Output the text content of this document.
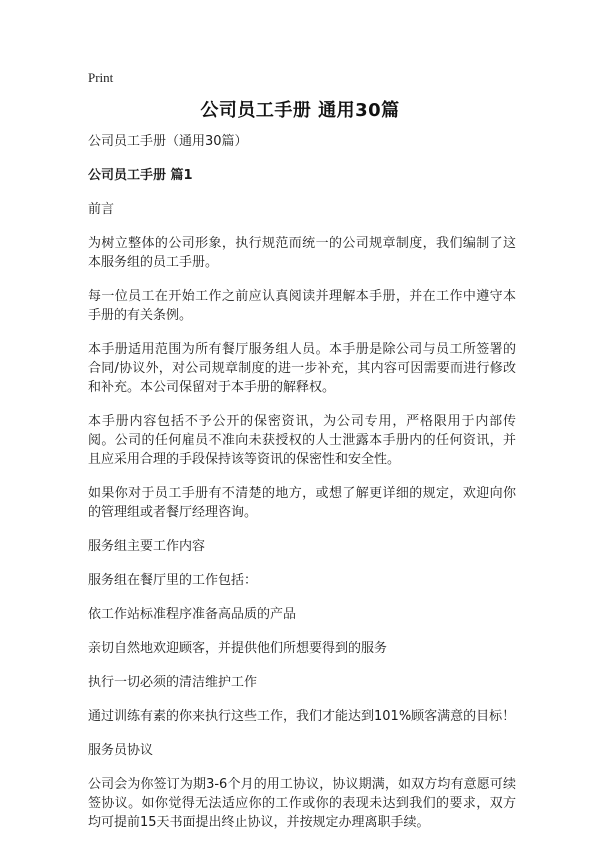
Print
公司员工手册 通用30篇

公司员工手册（通用30篇）

公司员工手册 篇1

前言

为树立整体的公司形象，执行规范而统一的公司规章制度，我们编制了这本服务组的员工手册。

每一位员工在开始工作之前应认真阅读并理解本手册，并在工作中遵守本手册的有关条例。

本手册适用范围为所有餐厅服务组人员。本手册是除公司与员工所签署的合同/协议外，对公司规章制度的进一步补充，其内容可因需要而进行修改和补充。本公司保留对于本手册的解释权。

本手册内容包括不予公开的保密资讯，为公司专用，严格限用于内部传阅。公司的任何雇员不准向未获授权的人士泄露本手册内的任何资讯，并且应采用合理的手段保持该等资讯的保密性和安全性。

如果你对于员工手册有不清楚的地方，或想了解更详细的规定，欢迎向你的管理组或者餐厅经理咨询。

服务组主要工作内容

服务组在餐厅里的工作包括：

依工作站标准程序准备高品质的产品

亲切自然地欢迎顾客，并提供他们所想要得到的服务

执行一切必须的清洁维护工作

通过训练有素的你来执行这些工作，我们才能达到101%顾客满意的目标！

服务员协议

公司会为你签订为期3-6个月的用工协议，协议期满，如双方均有意愿可续签协议。如你觉得无法适应你的工作或你的表现未达到我们的要求，双方均可提前15天书面提出终止协议，并按规定办理离职手续。
